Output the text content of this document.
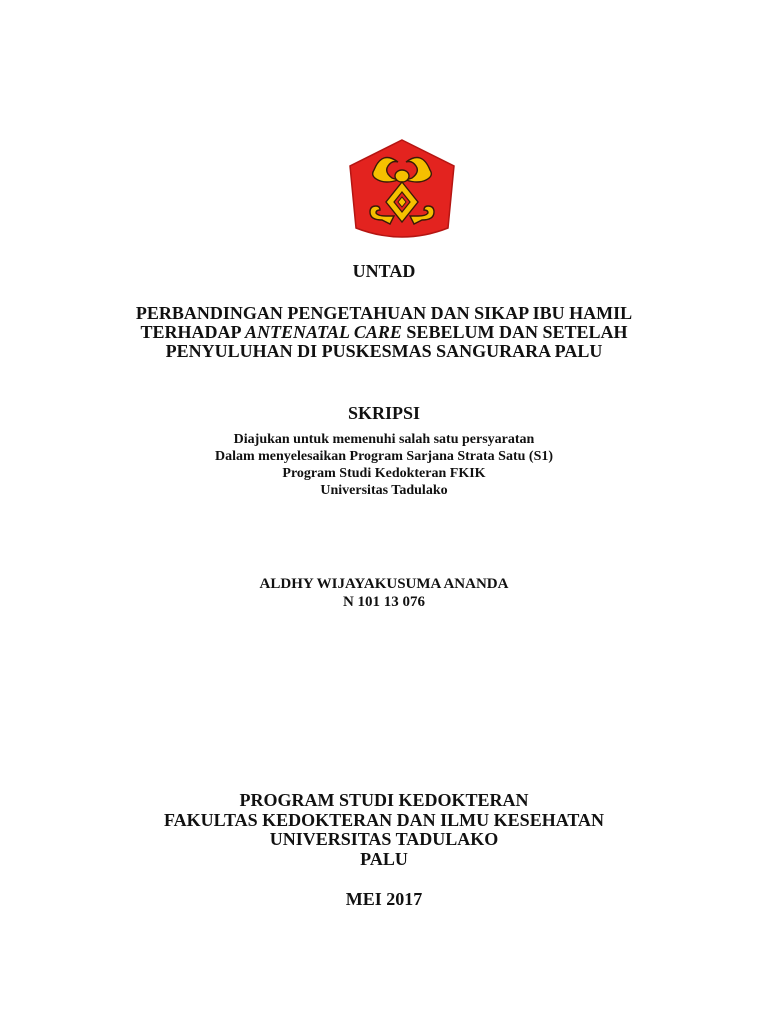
UNTAD
PERBANDINGAN PENGETAHUAN DAN SIKAP IBU HAMIL
TERHADAP ANTENATAL CARE SEBELUM DAN SETELAH
PENYULUHAN DI PUSKESMAS SANGURARA PALU
SKRIPSI
Diajukan untuk memenuhi salah satu persyaratan
Dalam menyelesaikan Program Sarjana Strata Satu (S1)
Program Studi Kedokteran FKIK
Universitas Tadulako
ALDHY WIJAYAKUSUMA ANANDA
N 101 13 076
PROGRAM STUDI KEDOKTERAN
FAKULTAS KEDOKTERAN DAN ILMU KESEHATAN
UNIVERSITAS TADULAKO
PALU
MEI 2017
